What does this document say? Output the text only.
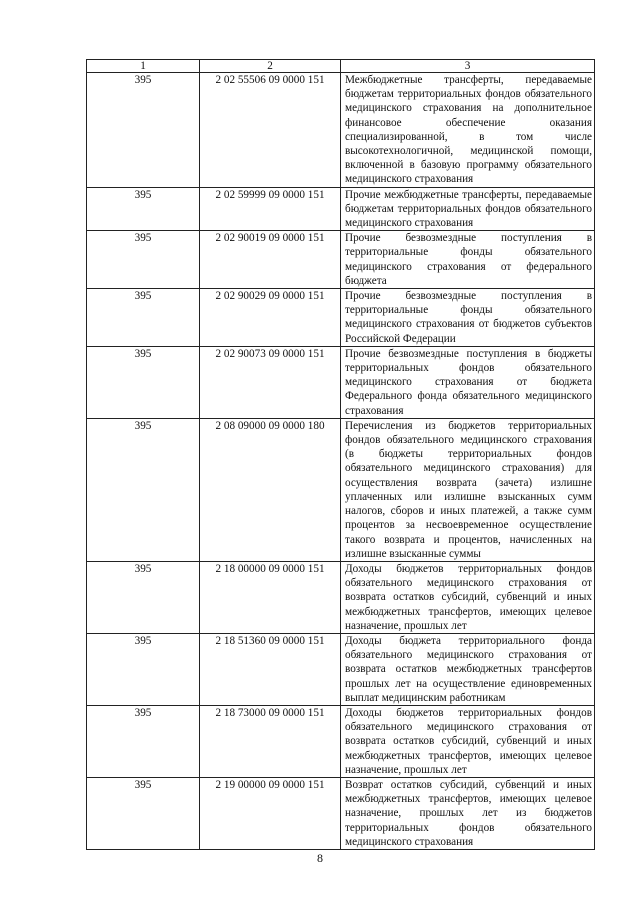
1	2	3
395	2 02 55506 09 0000 151	Межбюджетные трансферты, передаваемые бюджетам территориальных фондов обязательного медицинского страхования на дополнительное финансовое обеспечение оказания специализированной, в том числе высокотехнологичной, медицинской помощи, включенной в базовую программу обязательного медицинского страхования
395	2 02 59999 09 0000 151	Прочие межбюджетные трансферты, передаваемые бюджетам территориальных фондов обязательного медицинского страхования
395	2 02 90019 09 0000 151	Прочие безвозмездные поступления в территориальные фонды обязательного медицинского страхования от федерального бюджета
395	2 02 90029 09 0000 151	Прочие безвозмездные поступления в территориальные фонды обязательного медицинского страхования от бюджетов субъектов Российской Федерации
395	2 02 90073 09 0000 151	Прочие безвозмездные поступления в бюджеты территориальных фондов обязательного медицинского страхования от бюджета Федерального фонда обязательного медицинского страхования
395	2 08 09000 09 0000 180	Перечисления из бюджетов территориальных фондов обязательного медицинского страхования (в бюджеты территориальных фондов обязательного медицинского страхования) для осуществления возврата (зачета) излишне уплаченных или излишне взысканных сумм налогов, сборов и иных платежей, а также сумм процентов за несвоевременное осуществление такого возврата и процентов, начисленных на излишне взысканные суммы
395	2 18 00000 09 0000 151	Доходы бюджетов территориальных фондов обязательного медицинского страхования от возврата остатков субсидий, субвенций и иных межбюджетных трансфертов, имеющих целевое назначение, прошлых лет
395	2 18 51360 09 0000 151	Доходы бюджета территориального фонда обязательного медицинского страхования от возврата остатков межбюджетных трансфертов прошлых лет на осуществление единовременных выплат медицинским работникам
395	2 18 73000 09 0000 151	Доходы бюджетов территориальных фондов обязательного медицинского страхования от возврата остатков субсидий, субвенций и иных межбюджетных трансфертов, имеющих целевое назначение, прошлых лет
395	2 19 00000 09 0000 151	Возврат остатков субсидий, субвенций и иных межбюджетных трансфертов, имеющих целевое назначение, прошлых лет из бюджетов территориальных фондов обязательного медицинского страхования
8
